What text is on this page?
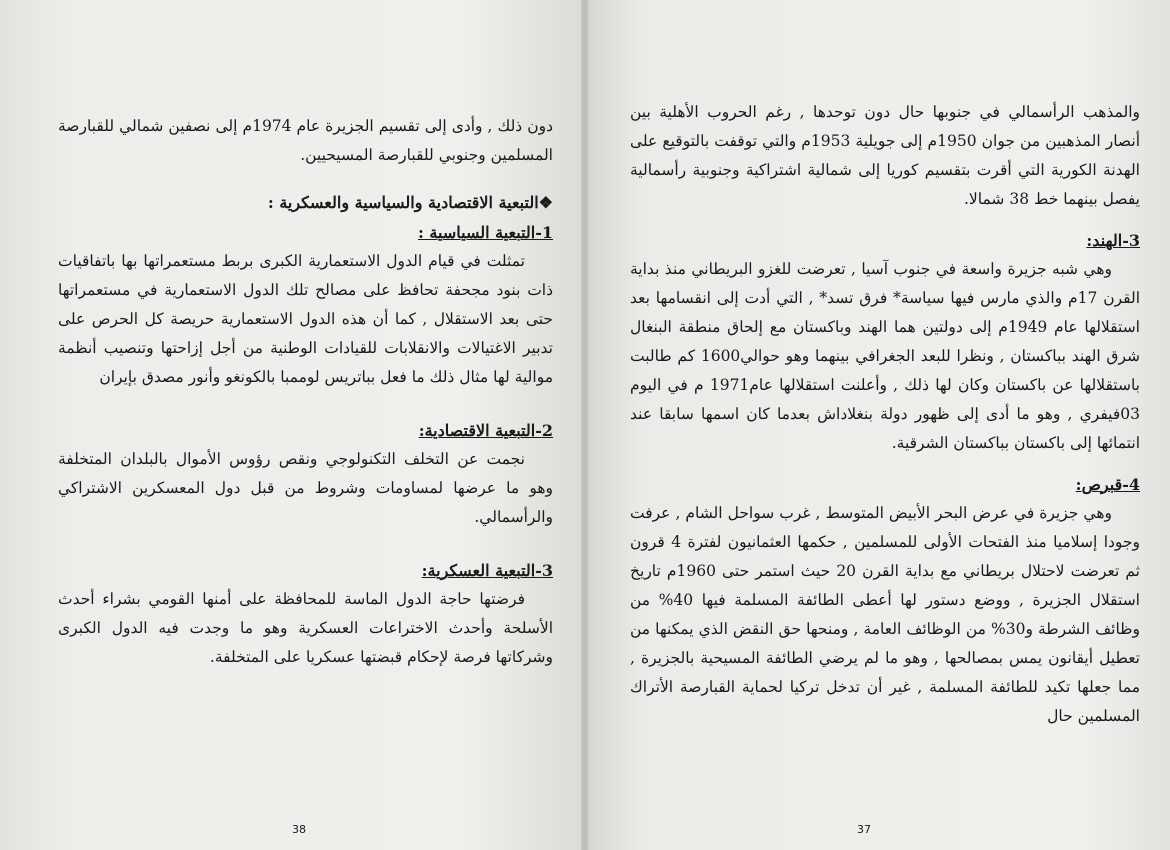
دون ذلك , وأدى إلى تقسيم الجزيرة عام 1974م إلى نصفين شمالي للقبارصة المسلمين وجنوبي للقبارصة المسيحيين.

❖التبعية الاقتصادية والسياسية والعسكرية :
1-التبعية السياسية :

تمثلت في قيام الدول الاستعمارية الكبرى بربط مستعمراتها بها باتفاقيات ذات بنود مجحفة تحافظ على مصالح تلك الدول الاستعمارية في مستعمراتها حتى بعد الاستقلال , كما أن هذه الدول الاستعمارية حريصة كل الحرص على تدبير الاغتيالات والانقلابات للقيادات الوطنية من أجل إزاحتها وتنصيب أنظمة موالية لها مثال ذلك ما فعل بباتريس لوممبا بالكونغو وأنور مصدق بإيران

2-التبعية الاقتصادية:

نجمت عن التخلف التكنولوجي ونقص رؤوس الأموال بالبلدان المتخلفة وهو ما عرضها لمساومات وشروط من قبل دول المعسكرين الاشتراكي والرأسمالي.

3-التبعية العسكرية:

فرضتها حاجة الدول الماسة للمحافظة على أمنها القومي بشراء أحدث الأسلحة وأحدث الاختراعات العسكرية وهو ما وجدت فيه الدول الكبرى وشركاتها فرصة لإحكام قبضتها عسكريا على المتخلفة.

38

والمذهب الرأسمالي في جنوبها حال دون توحدها , رغم الحروب الأهلية بين أنصار المذهبين من جوان 1950م إلى جويلية 1953م والتي توقفت بالتوقيع على الهدنة الكورية التي أقرت بتقسيم كوريا إلى شمالية اشتراكية وجنوبية رأسمالية يفصل بينهما خط 38 شمالا.

3-الهند:

وهي شبه جزيرة واسعة في جنوب آسيا , تعرضت للغزو البريطاني منذ بداية القرن 17م والذي مارس فيها سياسة* فرق تسد* , التي أدت إلى انقسامها بعد استقلالها عام 1949م إلى دولتين هما الهند وباكستان مع إلحاق منطقة البنغال شرق الهند بباكستان , ونظرا للبعد الجغرافي بينهما وهو حوالي1600 كم طالبت باستقلالها عن باكستان وكان لها ذلك , وأعلنت استقلالها عام1971 م في اليوم 03فيفري , وهو ما أدى إلى ظهور دولة بنغلاداش بعدما كان اسمها سابقا عند انتمائها إلى باكستان بباكستان الشرقية.

4-قبرص:

وهي جزيرة في عرض البحر الأبيض المتوسط , غرب سواحل الشام , عرفت وجودا إسلاميا منذ الفتحات الأولى للمسلمين , حكمها العثمانيون لفترة 4 قرون ثم تعرضت لاحتلال بريطاني مع بداية القرن 20 حيث استمر حتى 1960م تاريخ استقلال الجزيرة , ووضع دستور لها أعطى الطائفة المسلمة فيها 40% من وظائف الشرطة و30% من الوظائف العامة , ومنحها حق النقض الذي يمكنها من تعطيل أيقانون يمس بمصالحها , وهو ما لم يرضي الطائفة المسيحية بالجزيرة , مما جعلها تكيد للطائفة المسلمة , غير أن تدخل تركيا لحماية القبارصة الأتراك المسلمين حال

37
